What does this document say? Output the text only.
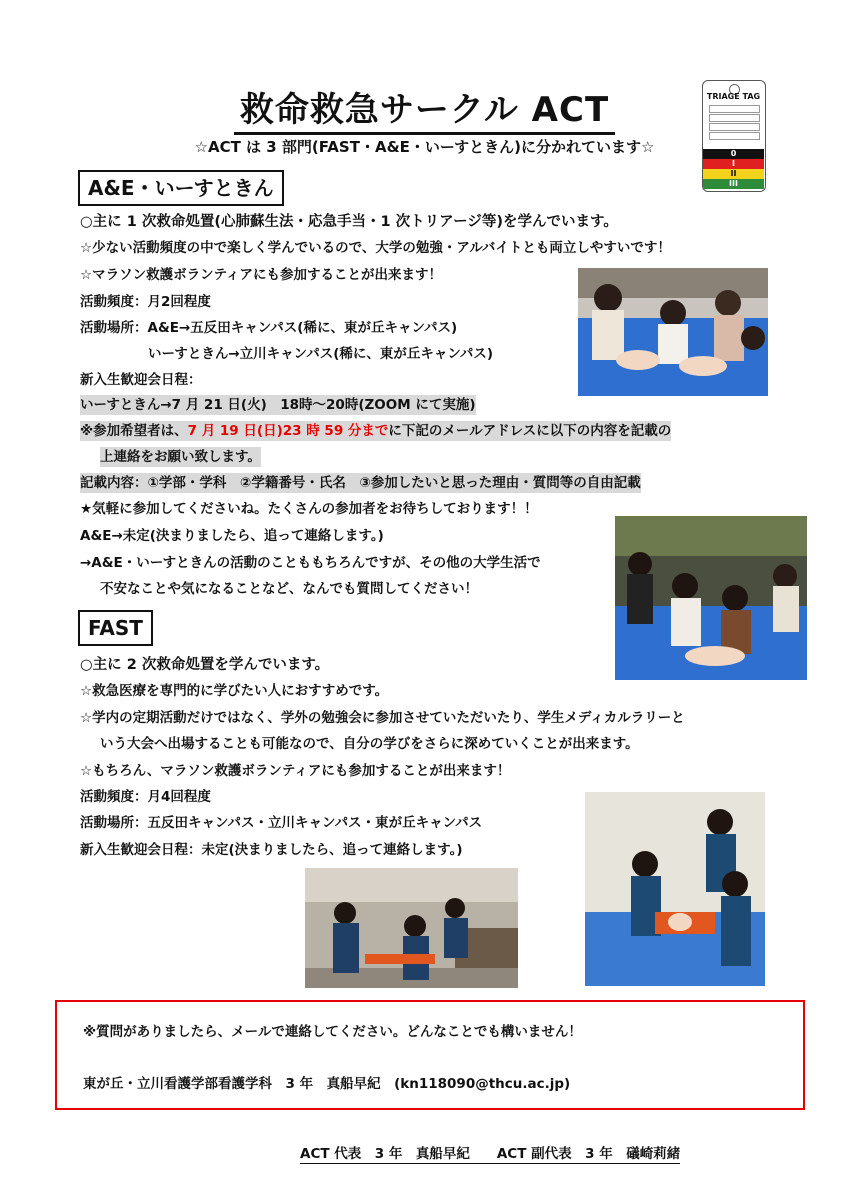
救命救急サークル ACT
☆ACT は 3 部門(FAST・A&E・いーすときん)に分かれています☆
TRIAGE TAG
0
I
II
III
A&E・いーすときん
○主に 1 次救命処置(心肺蘇生法・応急手当・1 次トリアージ等)を学んでいます。
☆少ない活動頻度の中で楽しく学んでいるので、大学の勉強・アルバイトとも両立しやすいです！
☆マラソン救護ボランティアにも参加することが出来ます！
活動頻度：月2回程度
活動場所：A&E→五反田キャンパス(稀に、東が丘キャンパス)
いーすときん→立川キャンパス(稀に、東が丘キャンパス)
新入生歓迎会日程：
いーすときん→7 月 21 日(火)　18時～20時(ZOOM にて実施)
※参加希望者は、7 月 19 日(日)23 時 59 分までに下記のメールアドレスに以下の内容を記載の
上連絡をお願い致します。
記載内容：①学部・学科　②学籍番号・氏名　③参加したいと思った理由・質問等の自由記載
★気軽に参加してくださいね。たくさんの参加者をお待ちしております！！
A&E→未定(決まりましたら、追って連絡します。)
→A&E・いーすときんの活動のことももちろんですが、その他の大学生活で
不安なことや気になることなど、なんでも質問してください！
FAST
○主に 2 次救命処置を学んでいます。
☆救急医療を専門的に学びたい人におすすめです。
☆学内の定期活動だけではなく、学外の勉強会に参加させていただいたり、学生メディカルラリーと
いう大会へ出場することも可能なので、自分の学びをさらに深めていくことが出来ます。
☆もちろん、マラソン救護ボランティアにも参加することが出来ます！
活動頻度：月4回程度
活動場所：五反田キャンパス・立川キャンパス・東が丘キャンパス
新入生歓迎会日程：未定(決まりましたら、追って連絡します。)
※質問がありましたら、メールで連絡してください。どんなことでも構いません！
東が丘・立川看護学部看護学科　3 年　真船早紀　(kn118090@thcu.ac.jp)
ACT 代表　3 年　真船早紀　　ACT 副代表　3 年　礒崎莉緒
